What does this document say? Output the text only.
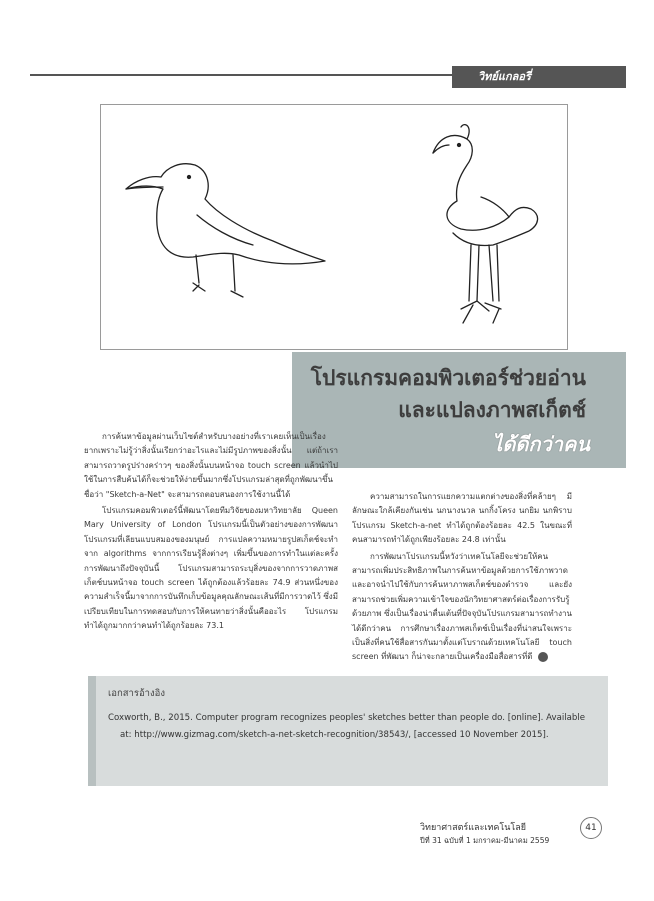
วิทย์แกลอรี่
โปรแกรมคอมพิวเตอร์ช่วยอ่าน
และแปลงภาพสเก็ตช์
ได้ดีกว่าคน

การค้นหาข้อมูลผ่านเว็บไซต์สำหรับบางอย่างที่เราเคยเห็นเป็นเรื่องยากเพราะไม่รู้ว่าสิ่งนั้นเรียกว่าอะไรและไม่มีรูปภาพของสิ่งนั้น แต่ถ้าเราสามารถวาดรูปร่างคร่าวๆ ของสิ่งนั้นบนหน้าจอ touch screen แล้วนำไปใช้ในการสืบค้นได้ก็จะช่วยให้ง่ายขึ้นมากซึ่งโปรแกรมล่าสุดที่ถูกพัฒนาขึ้นชื่อว่า "Sketch-a-Net" จะสามารถตอบสนองการใช้งานนี้ได้

โปรแกรมคอมพิวเตอร์นี้พัฒนาโดยทีมวิจัยของมหาวิทยาลัย Queen Mary University of London โปรแกรมนี้เป็นตัวอย่างของการพัฒนาโปรแกรมที่เลียนแบบสมองของมนุษย์ การแปลความหมายรูปสเก็ตช์จะทำจาก algorithms จากการเรียนรู้สิ่งต่างๆ เพิ่มขึ้นของการทำในแต่ละครั้ง การพัฒนาถึงปัจจุบันนี้ โปรแกรมสามารถระบุสิ่งของจากการวาดภาพสเก็ตช์บนหน้าจอ touch screen ได้ถูกต้องแล้วร้อยละ 74.9 ส่วนหนึ่งของความสำเร็จนี้มาจากการบันทึกเก็บข้อมูลคุณลักษณะเส้นที่มีการวาดไว้ ซึ่งมีเปรียบเทียบในการทดสอบกับการให้คนทายว่าสิ่งนั้นคืออะไร โปรแกรมทำได้ถูกมากกว่าคนทำได้ถูกร้อยละ 73.1

ความสามารถในการแยกความแตกต่างของสิ่งที่คล้ายๆ มีลักษณะใกล้เคียงกันเช่น นกนางนวล นกกิ้งโครง นกยิม นกพิราบ โปรแกรม Sketch-a-net ทำได้ถูกต้องร้อยละ 42.5 ในขณะที่คนสามารถทำได้ถูกเพียงร้อยละ 24.8 เท่านั้น

การพัฒนาโปรแกรมนี้หวังว่าเทคโนโลยีจะช่วยให้คนสามารถเพิ่มประสิทธิภาพในการค้นหาข้อมูลด้วยการใช้ภาพวาด และอาจนำไปใช้กับการค้นหาภาพสเก็ตช์ของตำรวจ และยังสามารถช่วยเพิ่มความเข้าใจของนักวิทยาศาสตร์ต่อเรื่องการรับรู้ด้วยภาพ ซึ่งเป็นเรื่องน่าตื่นเต้นที่ปัจจุบันโปรแกรมสามารถทำงานได้ดีกว่าคน การศึกษาเรื่องภาพสเก็ตช์เป็นเรื่องที่น่าสนใจเพราะเป็นสิ่งที่คนใช้สื่อสารกันมาตั้งแต่โบราณด้วยเทคโนโลยี touch screen ที่พัฒนา ก็น่าจะกลายเป็นเครื่องมือสื่อสารที่ดี

เอกสารอ้างอิง
Coxworth, B., 2015. Computer program recognizes peoples' sketches better than people do. [online]. Available
at: http://www.gizmag.com/sketch-a-net-sketch-recognition/38543/, [accessed 10 November 2015].
วิทยาศาสตร์และเทคโนโลยี
ปีที่ 31 ฉบับที่ 1 มกราคม-มีนาคม 2559
41
